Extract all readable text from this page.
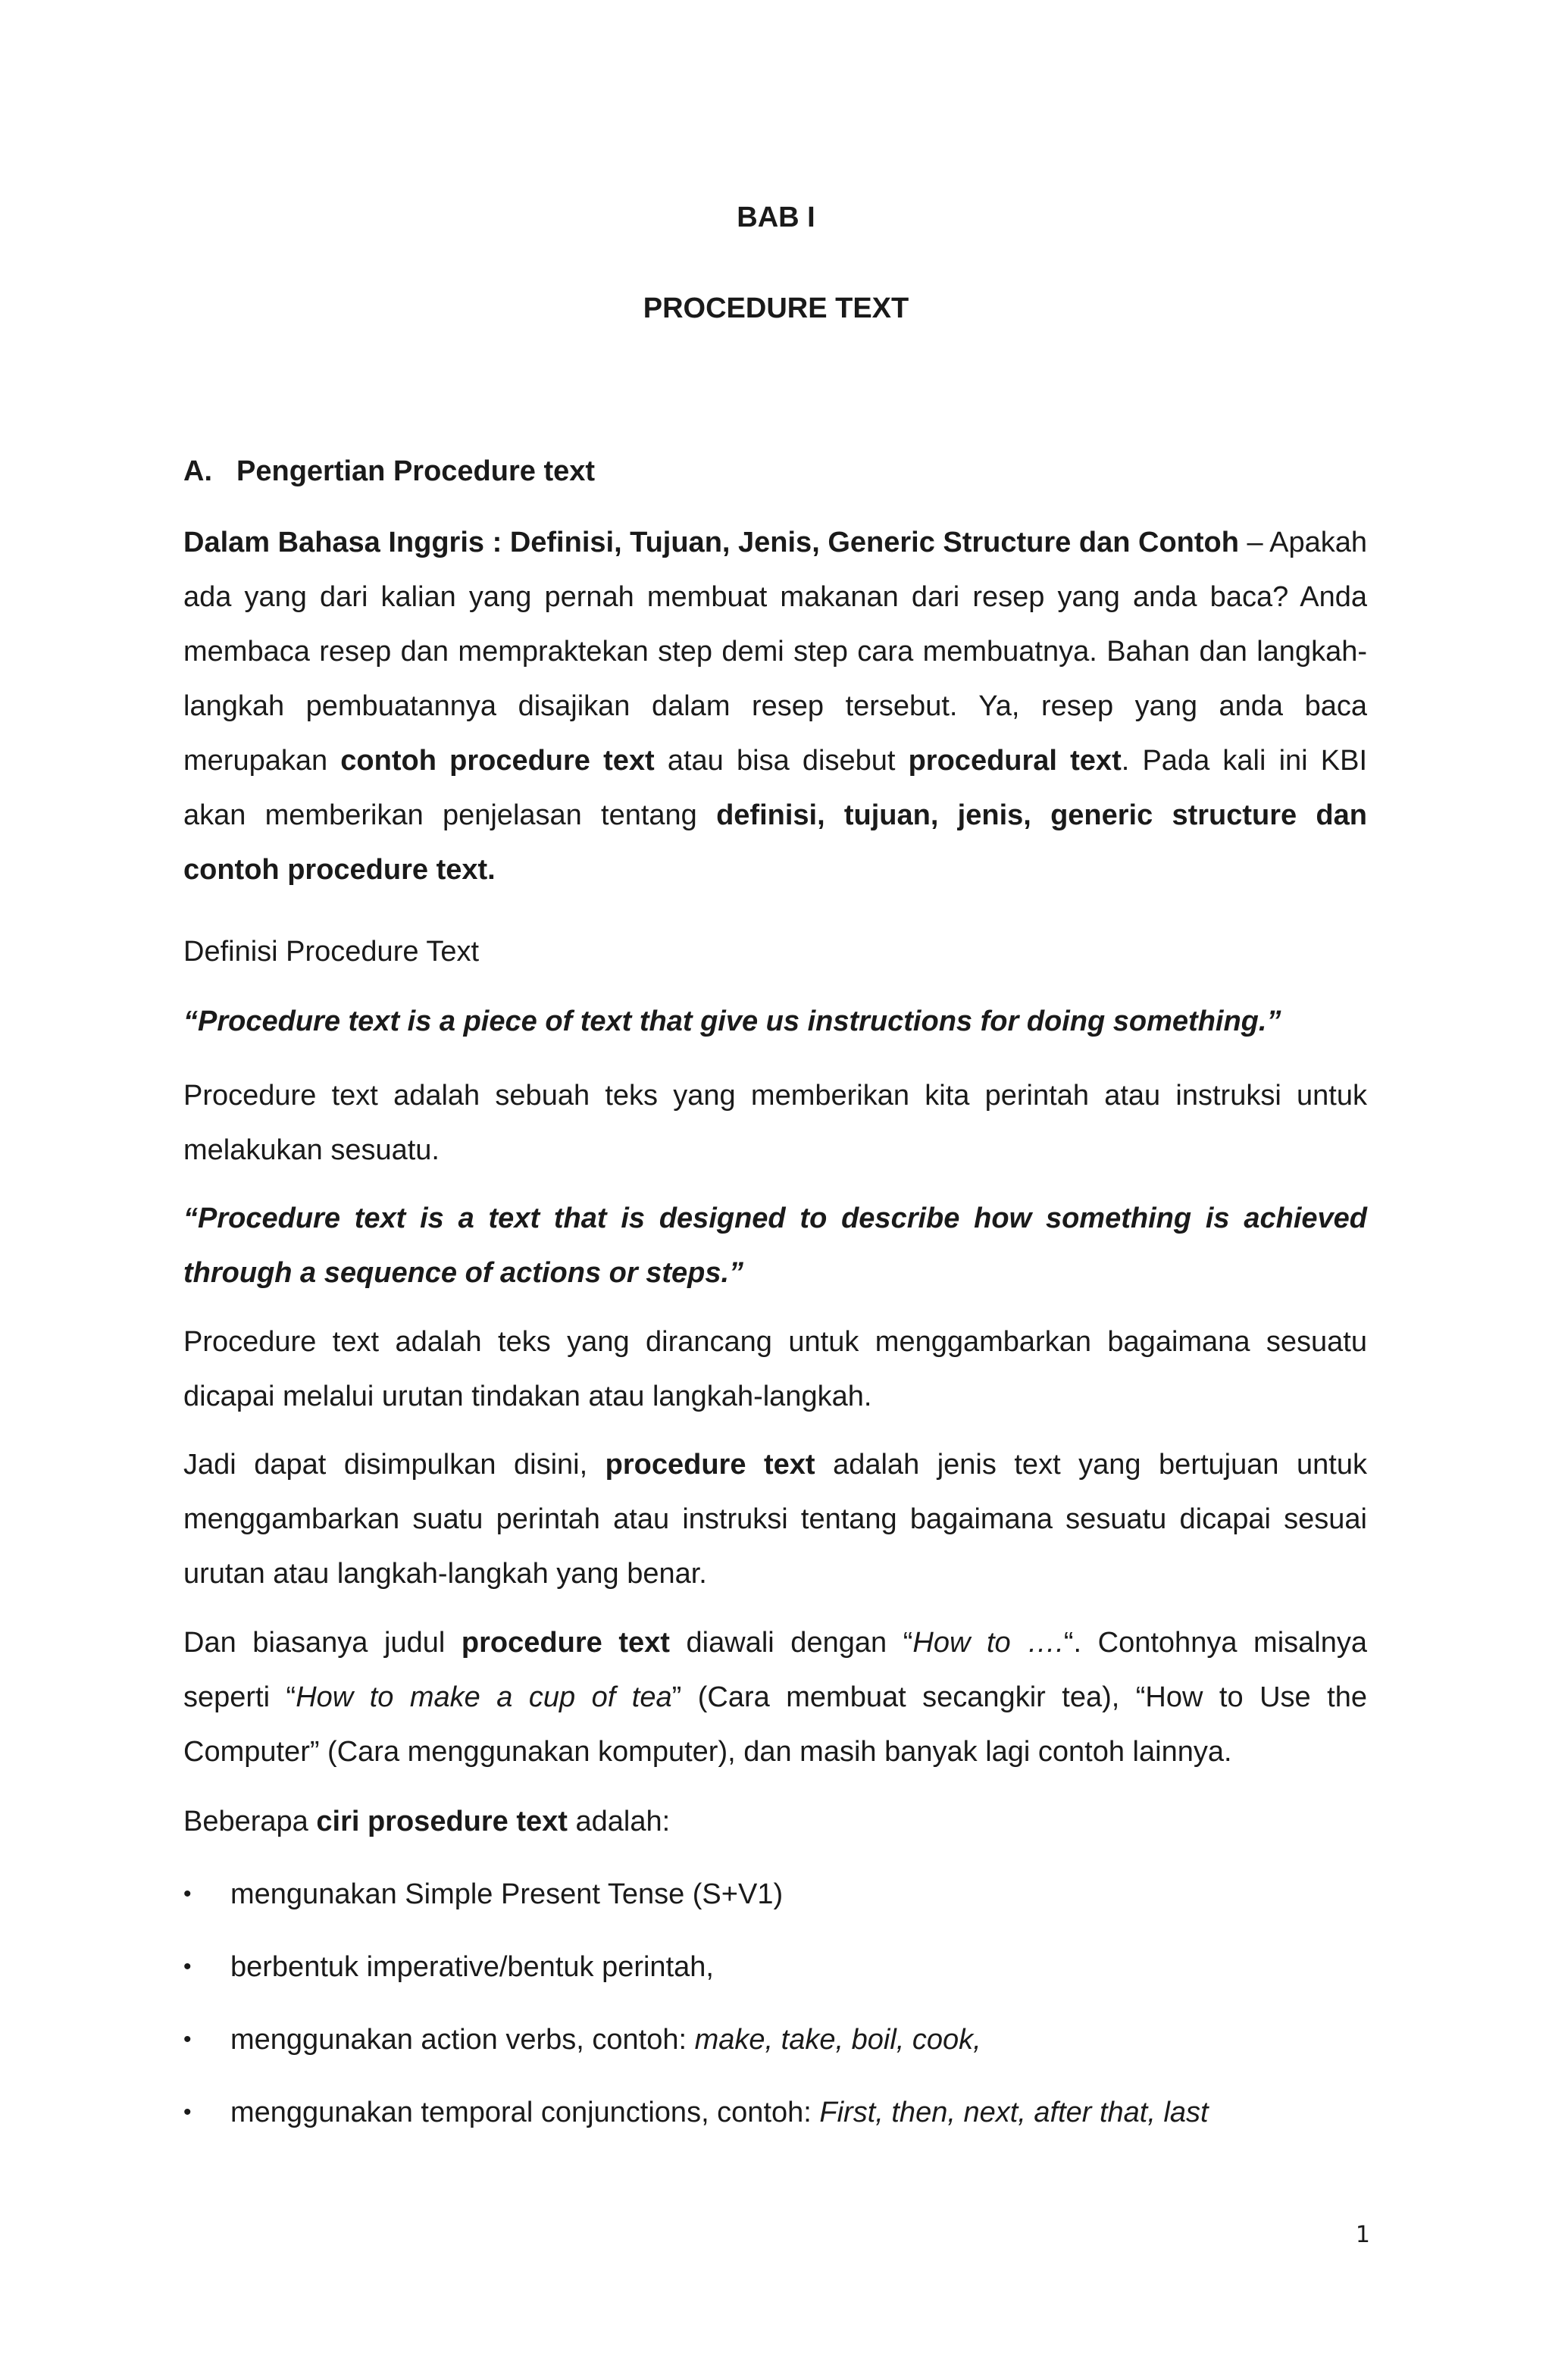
BAB I
PROCEDURE TEXT
A. Pengertian Procedure text
Dalam Bahasa Inggris : Definisi, Tujuan, Jenis, Generic Structure dan Contoh – Apakah ada yang dari kalian yang pernah membuat makanan dari resep yang anda baca? Anda membaca resep dan mempraktekan step demi step cara membuatnya. Bahan dan langkah-langkah pembuatannya disajikan dalam resep tersebut. Ya, resep yang anda baca merupakan contoh procedure text atau bisa disebut procedural text. Pada kali ini KBI akan memberikan penjelasan tentang definisi, tujuan, jenis, generic structure dan contoh procedure text.
Definisi Procedure Text
“Procedure text is a piece of text that give us instructions for doing something.”
Procedure text adalah sebuah teks yang memberikan kita perintah atau instruksi untuk melakukan sesuatu.
“Procedure text is a text that is designed to describe how something is achieved through a sequence of actions or steps.”
Procedure text adalah teks yang dirancang untuk menggambarkan bagaimana sesuatu dicapai melalui urutan tindakan atau langkah-langkah.
Jadi dapat disimpulkan disini, procedure text adalah jenis text yang bertujuan untuk menggambarkan suatu perintah atau instruksi tentang bagaimana sesuatu dicapai sesuai urutan atau langkah-langkah yang benar.
Dan biasanya judul procedure text diawali dengan “How to ….“. Contohnya misalnya seperti “How to make a cup of tea” (Cara membuat secangkir tea), “How to Use the Computer” (Cara menggunakan komputer), dan masih banyak lagi contoh lainnya.
Beberapa ciri prosedure text adalah:
•	mengunakan Simple Present Tense (S+V1)
•	berbentuk imperative/bentuk perintah,
•	menggunakan action verbs, contoh: make, take, boil, cook,
•	menggunakan temporal conjunctions, contoh: First, then, next, after that, last
1
